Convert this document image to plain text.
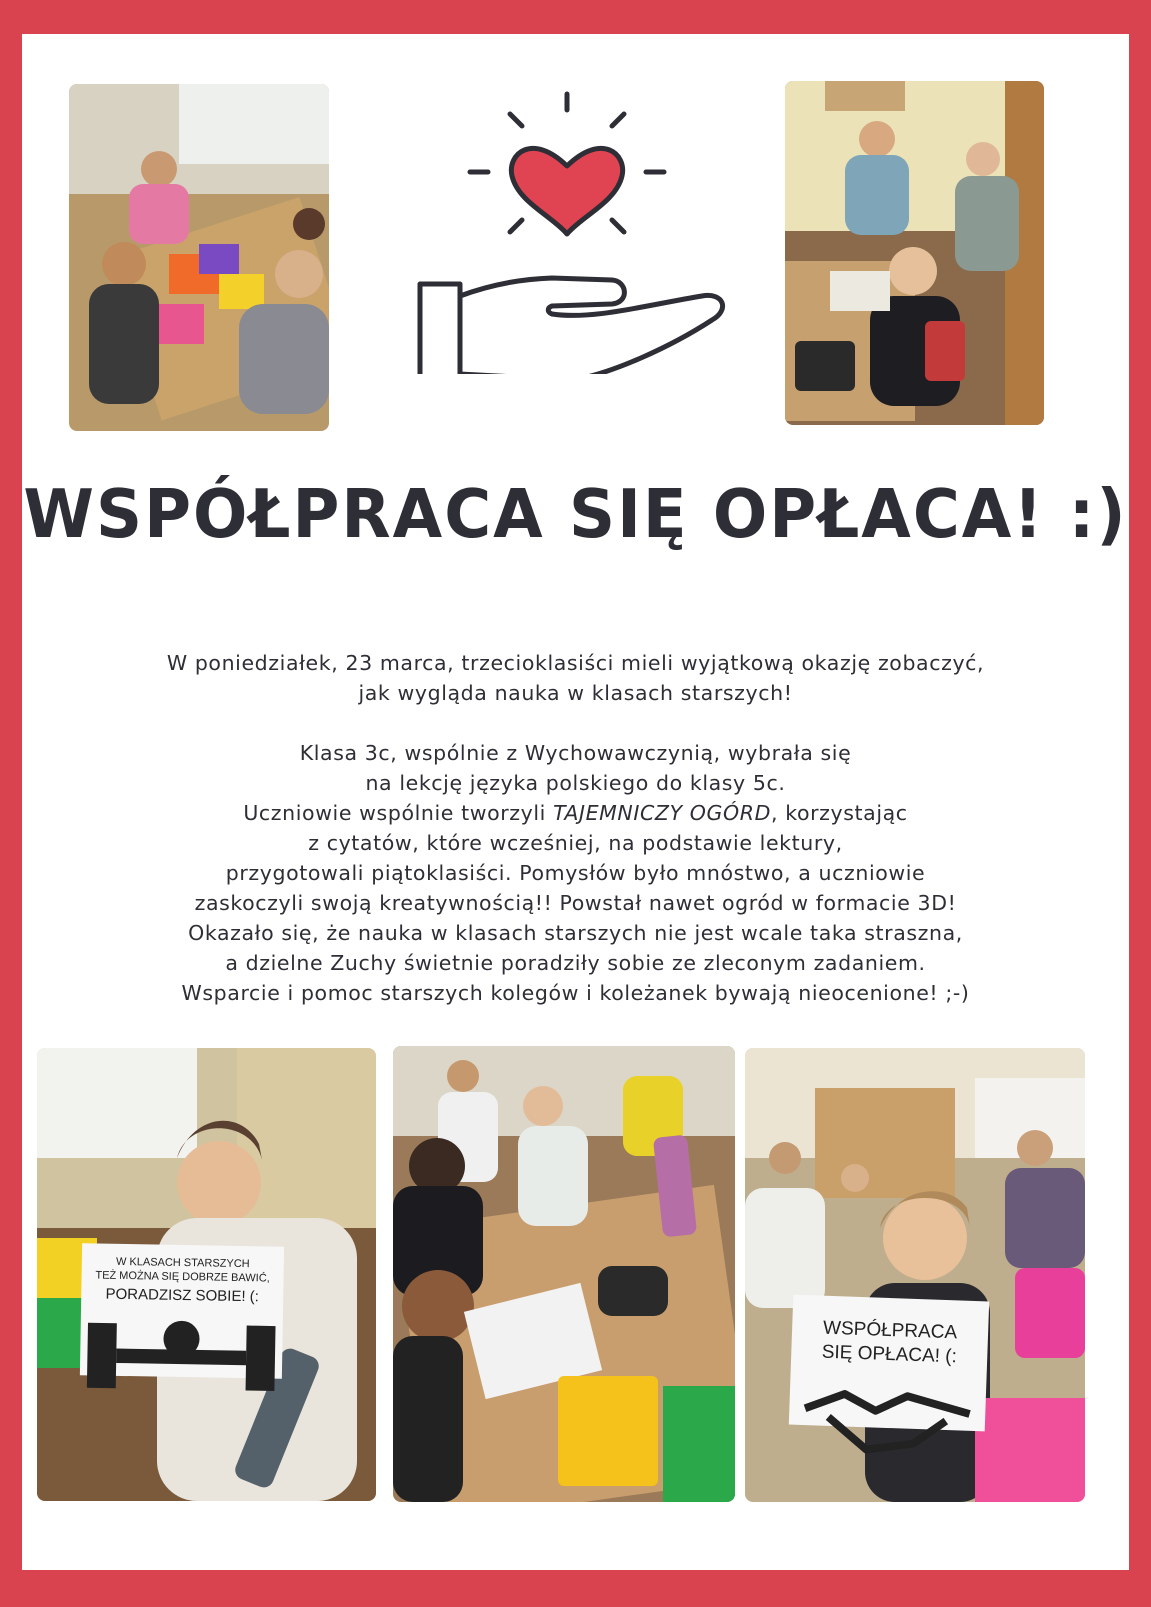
WSPÓŁPRACA SIĘ OPŁACA! :)

W poniedziałek, 23 marca, trzecioklasiści mieli wyjątkową okazję zobaczyć,

jak wygląda nauka w klasach starszych!

Klasa 3c, wspólnie z Wychowawczynią, wybrała się

na lekcję języka polskiego do klasy 5c.

Uczniowie wspólnie tworzyli TAJEMNICZY OGÓRD, korzystając

z cytatów, które wcześniej, na podstawie lektury,

przygotowali piątoklasiści. Pomysłów było mnóstwo, a uczniowie

zaskoczyli swoją kreatywnością!! Powstał nawet ogród w formacie 3D!

Okazało się, że nauka w klasach starszych nie jest wcale taka straszna,

a dzielne Zuchy świetnie poradziły sobie ze zleconym zadaniem.

Wsparcie i pomoc starszych kolegów i koleżanek bywają nieocenione! ;-)

W KLASACH STARSZYCH
TEŻ MOŻNA SIĘ DOBRZE BAWIĆ,
PORADZISZ SOBIE! (:
WSPÓŁPRACA
SIĘ OPŁACA! (:
